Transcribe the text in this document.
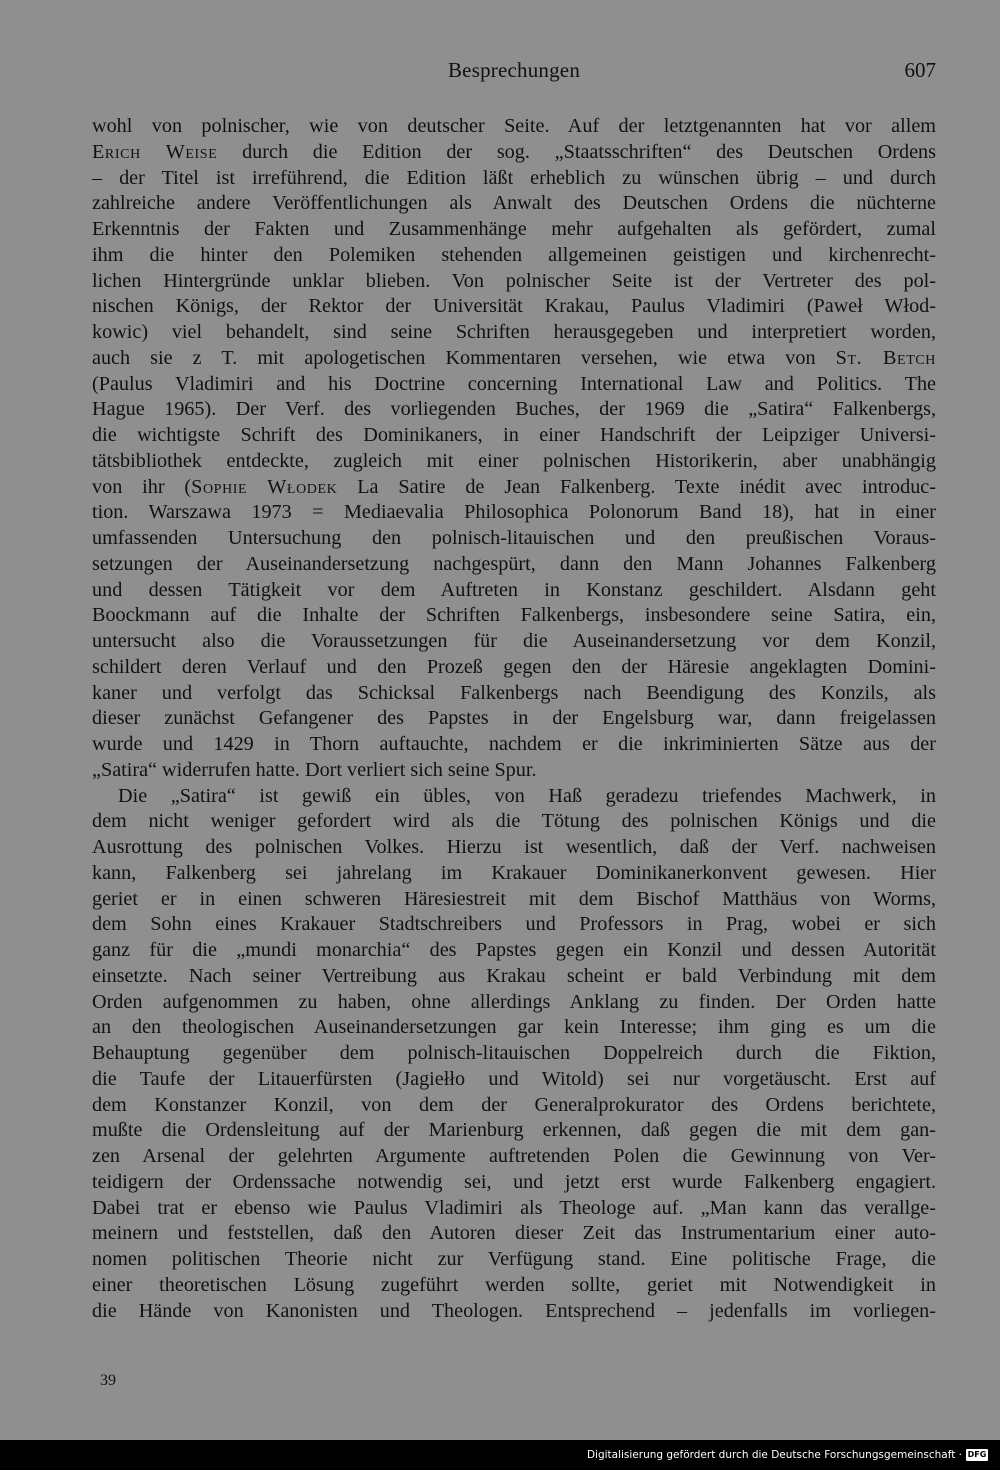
Besprechungen	607
wohl von polnischer, wie von deutscher Seite. Auf der letztgenannten hat vor allem
Erich Weise durch die Edition der sog. „Staatsschriften“ des Deutschen Ordens
– der Titel ist irreführend, die Edition läßt erheblich zu wünschen übrig – und durch
zahlreiche andere Veröffentlichungen als Anwalt des Deutschen Ordens die nüchterne
Erkenntnis der Fakten und Zusammenhänge mehr aufgehalten als gefördert, zumal
ihm die hinter den Polemiken stehenden allgemeinen geistigen und kirchenrecht-
lichen Hintergründe unklar blieben. Von polnischer Seite ist der Vertreter des pol-
nischen Königs, der Rektor der Universität Krakau, Paulus Vladimiri (Paweł Włod-
kowic) viel behandelt, sind seine Schriften herausgegeben und interpretiert worden,
auch sie z T. mit apologetischen Kommentaren versehen, wie etwa von St. Betch
(Paulus Vladimiri and his Doctrine concerning International Law and Politics. The
Hague 1965). Der Verf. des vorliegenden Buches, der 1969 die „Satira“ Falkenbergs,
die wichtigste Schrift des Dominikaners, in einer Handschrift der Leipziger Universi-
tätsbibliothek entdeckte, zugleich mit einer polnischen Historikerin, aber unabhängig
von ihr (Sophie Włodek La Satire de Jean Falkenberg. Texte inédit avec introduc-
tion. Warszawa 1973 = Mediaevalia Philosophica Polonorum Band 18), hat in einer
umfassenden Untersuchung den polnisch-litauischen und den preußischen Voraus-
setzungen der Auseinandersetzung nachgespürt, dann den Mann Johannes Falkenberg
und dessen Tätigkeit vor dem Auftreten in Konstanz geschildert. Alsdann geht
Boockmann auf die Inhalte der Schriften Falkenbergs, insbesondere seine Satira, ein,
untersucht also die Voraussetzungen für die Auseinandersetzung vor dem Konzil,
schildert deren Verlauf und den Prozeß gegen den der Häresie angeklagten Domini-
kaner und verfolgt das Schicksal Falkenbergs nach Beendigung des Konzils, als
dieser zunächst Gefangener des Papstes in der Engelsburg war, dann freigelassen
wurde und 1429 in Thorn auftauchte, nachdem er die inkriminierten Sätze aus der
„Satira“ widerrufen hatte. Dort verliert sich seine Spur.
Die „Satira“ ist gewiß ein übles, von Haß geradezu triefendes Machwerk, in
dem nicht weniger gefordert wird als die Tötung des polnischen Königs und die
Ausrottung des polnischen Volkes. Hierzu ist wesentlich, daß der Verf. nachweisen
kann, Falkenberg sei jahrelang im Krakauer Dominikanerkonvent gewesen. Hier
geriet er in einen schweren Häresiestreit mit dem Bischof Matthäus von Worms,
dem Sohn eines Krakauer Stadtschreibers und Professors in Prag, wobei er sich
ganz für die „mundi monarchia“ des Papstes gegen ein Konzil und dessen Autorität
einsetzte. Nach seiner Vertreibung aus Krakau scheint er bald Verbindung mit dem
Orden aufgenommen zu haben, ohne allerdings Anklang zu finden. Der Orden hatte
an den theologischen Auseinandersetzungen gar kein Interesse; ihm ging es um die
Behauptung gegenüber dem polnisch-litauischen Doppelreich durch die Fiktion,
die Taufe der Litauerfürsten (Jagiełło und Witold) sei nur vorgetäuscht. Erst auf
dem Konstanzer Konzil, von dem der Generalprokurator des Ordens berichtete,
mußte die Ordensleitung auf der Marienburg erkennen, daß gegen die mit dem gan-
zen Arsenal der gelehrten Argumente auftretenden Polen die Gewinnung von Ver-
teidigern der Ordenssache notwendig sei, und jetzt erst wurde Falkenberg engagiert.
Dabei trat er ebenso wie Paulus Vladimiri als Theologe auf. „Man kann das verallge-
meinern und feststellen, daß den Autoren dieser Zeit das Instrumentarium einer auto-
nomen politischen Theorie nicht zur Verfügung stand. Eine politische Frage, die
einer theoretischen Lösung zugeführt werden sollte, geriet mit Notwendigkeit in
die Hände von Kanonisten und Theologen. Entsprechend – jedenfalls im vorliegen-
39
Digitalisierung gefördert durch die Deutsche Forschungsgemeinschaft · DFG
